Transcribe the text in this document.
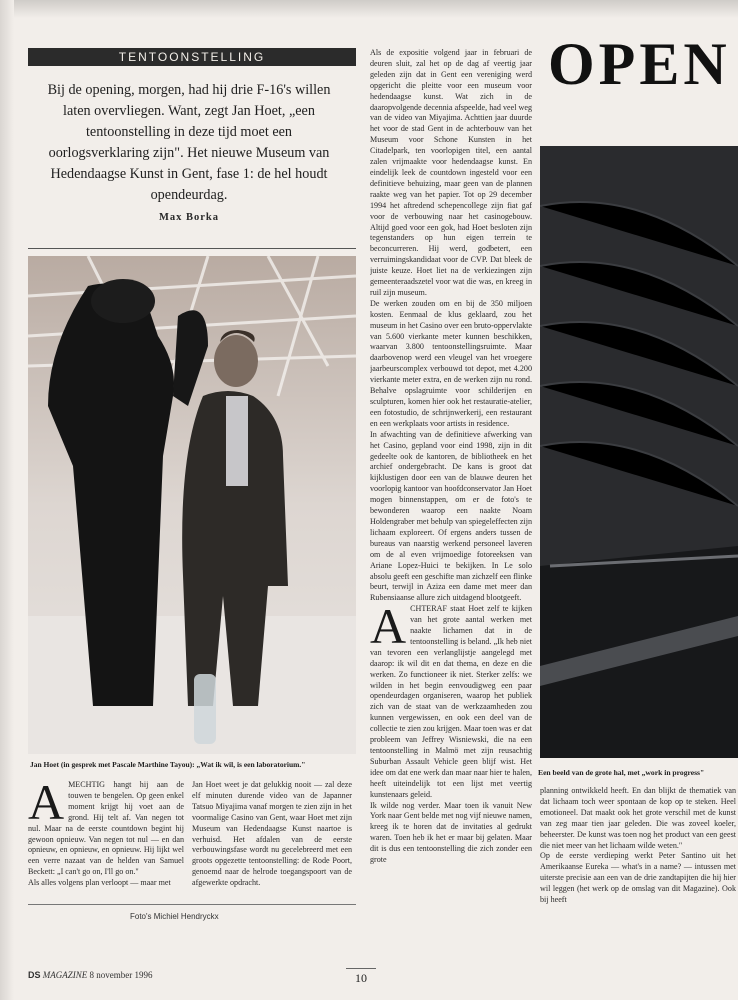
TENTOONSTELLING
Bij de opening, morgen, had hij drie F-16's willen laten overvliegen. Want, zegt Jan Hoet, „een tentoonstelling in deze tijd moet een oorlogsverklaring zijn". Het nieuwe Museum van Hedendaagse Kunst in Gent, fase 1: de hel houdt opendeurdag.
Max Borka
Jan Hoet (in gesprek met Pascale Marthine Tayou): „Wat ik wil, is een laboratorium."
AMECHTIG hangt hij aan de touwen te bengelen. Op geen enkel moment krijgt hij voet aan de grond. Hij telt af. Van negen tot nul. Maar na de eerste countdown begint hij gewoon opnieuw. Van negen tot nul — en dan opnieuw, en opnieuw, en opnieuw. Hij lijkt wel een verre nazaat van de helden van Samuel Beckett: „I can't go on, I'll go on."
Als alles volgens plan verloopt — maar met
Jan Hoet weet je dat gelukkig nooit — zal deze elf minuten durende video van de Japanner Tatsuo Miyajima vanaf morgen te zien zijn in het voormalige Casino van Gent, waar Hoet met zijn Museum van Hedendaagse Kunst naartoe is verhuisd. Het afdalen van de eerste verbouwingsfase wordt nu gecelebreerd met een groots opgezette tentoonstelling: de Rode Poort, genoemd naar de helrode toegangspoort van de afgewerkte opdracht.
Foto's Michiel Hendryckx
Als de expositie volgend jaar in februari de deuren sluit, zal het op de dag af veertig jaar geleden zijn dat in Gent een vereniging werd opgericht die pleitte voor een museum voor hedendaagse kunst. Wat zich in de daaropvolgende decennia afspeelde, had veel weg van de video van Miyajima. Achttien jaar duurde het voor de stad Gent in de achterbouw van het Museum voor Schone Kunsten in het Citadelpark, ten voorlopigen titel, een aantal zalen vrijmaakte voor hedendaagse kunst. En eindelijk leek de countdown ingesteld voor een definitieve behuizing, maar geen van de plannen raakte weg van het papier. Tot op 29 december 1994 het aftredend schepencollege zijn fiat gaf voor de verbouwing naar het casinogebouw. Altijd goed voor een gok, had Hoet besloten zijn tegenstanders op hun eigen terrein te beconcurreren. Hij werd, godbetert, een verruimingskandidaat voor de CVP. Dat bleek de juiste keuze. Hoet liet na de verkiezingen zijn gemeenteraadszetel voor wat die was, en kreeg in ruil zijn museum.
De werken zouden om en bij de 350 miljoen kosten. Eenmaal de klus geklaard, zou het museum in het Casino over een bruto-oppervlakte van 5.600 vierkante meter kunnen beschikken, waarvan 3.800 tentoonstellingsruimte. Maar daarbovenop werd een vleugel van het vroegere jaarbeurscomplex verbouwd tot depot, met 4.200 vierkante meter extra, en de werken zijn nu rond. Behalve opslagruimte voor schilderijen en sculpturen, komen hier ook het restauratie-atelier, een fotostudio, de schrijnwerkerij, een restaurant en een werkplaats voor artists in residence.
In afwachting van de definitieve afwerking van het Casino, gepland voor eind 1998, zijn in dit gedeelte ook de kantoren, de bibliotheek en het archief ondergebracht. De kans is groot dat kijklustigen door een van de blauwe deuren het voorlopig kantoor van hoofdconservator Jan Hoet mogen binnenstappen, om er de foto's te bewonderen waarop een naakte Noam Holdengraber met behulp van spiegeleffecten zijn lichaam exploreert. Of ergens anders tussen de bureaus van naarstig werkend personeel laveren om de al even vrijmoedige fotoreeksen van Ariane Lopez-Huici te bekijken. In Le solo absolu geeft een geschifte man zichzelf een flinke beurt, terwijl in Aziza een dame met meer dan Rubensiaanse allure zich uitdagend blootgeeft.

A CHTERAF staat Hoet zelf te kijken van het grote aantal werken met naakte lichamen dat in de tentoonstelling is beland. „Ik heb niet van tevoren een verlanglijstje aangelegd met daarop: ik wil dit en dat thema, en deze en die werken. Zo functioneer ik niet. Sterker zelfs: we wilden in het begin eenvoudigweg een paar opendeurdagen organiseren, waarop het publiek zich van de staat van de werkzaamheden zou kunnen vergewissen, en ook een deel van de collectie te zien zou krijgen. Maar toen was er dat probleem van Jeffrey Wisniewski, die na een tentoonstelling in Malmö met zijn reusachtig Suburban Assault Vehicle geen blijf wist. Het idee om dat ene werk dan maar naar hier te halen, heeft uiteindelijk tot een lijst met veertig kunstenaars geleid.
Ik wilde nog verder. Maar toen ik vanuit New York naar Gent belde met nog vijf nieuwe namen, kreeg ik te horen dat de invitaties al gedrukt waren. Toen heb ik het er maar bij gelaten. Maar dit is dus een tentoonstelling die zich zonder een grote
OPEN
Een beeld van de grote hal, met „work in progress"
planning ontwikkeld heeft. En dan blijkt de thematiek van dat lichaam toch weer spontaan de kop op te steken. Heel emotioneel. Dat maakt ook het grote verschil met de kunst van zeg maar tien jaar geleden. Die was zoveel koeler, beheerster. De kunst was toen nog het product van een geest die niet meer van het lichaam wilde weten."
Op de eerste verdieping werkt Peter Santino uit het Amerikaanse Eureka — what's in a name? — intussen met uiterste precisie aan een van de drie zandtapijten die hij hier wil leggen (het werk op de omslag van dit Magazine). Ook bij heeft
DS MAGAZINE 8 november 1996	10
